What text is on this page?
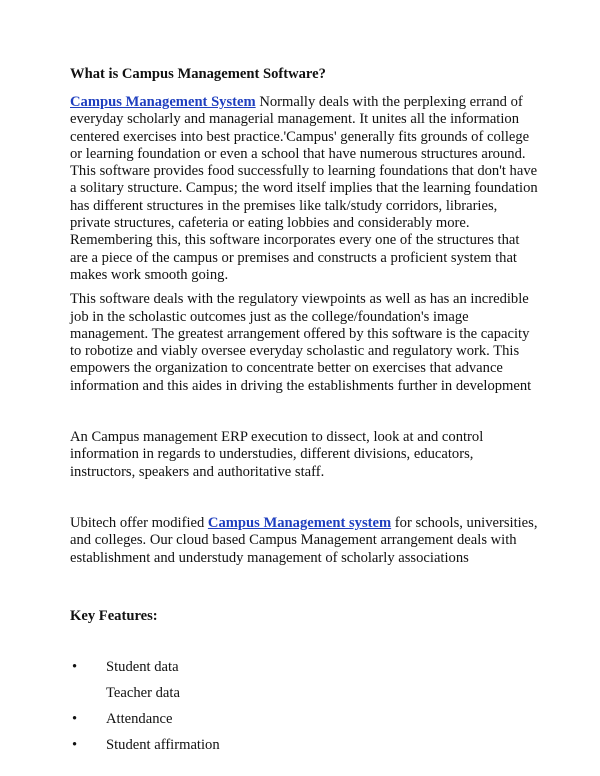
What is Campus Management Software?

Campus Management System Normally deals with the perplexing errand of everyday scholarly and managerial management. It unites all the information centered exercises into best practice.'Campus' generally fits grounds of college or learning foundation or even a school that have numerous structures around. This software provides food successfully to learning foundations that don't have a solitary structure. Campus; the word itself implies that the learning foundation has different structures in the premises like talk/study corridors, libraries, private structures, cafeteria or eating lobbies and considerably more. Remembering this, this software incorporates every one of the structures that are a piece of the campus or premises and constructs a proficient system that makes work smooth going.

This software deals with the regulatory viewpoints as well as has an incredible job in the scholastic outcomes just as the college/foundation's image management. The greatest arrangement offered by this software is the capacity to robotize and viably oversee everyday scholastic and regulatory work. This empowers the organization to concentrate better on exercises that advance information and this aides in driving the establishments further in development

An Campus management ERP execution to dissect, look at and control information in regards to understudies, different divisions, educators, instructors, speakers and authoritative staff.

Ubitech offer modified Campus Management system for schools, universities, and colleges. Our cloud based Campus Management arrangement deals with establishment and understudy management of scholarly associations

Key Features:
• Student data
Teacher data
• Attendance
• Student affirmation
